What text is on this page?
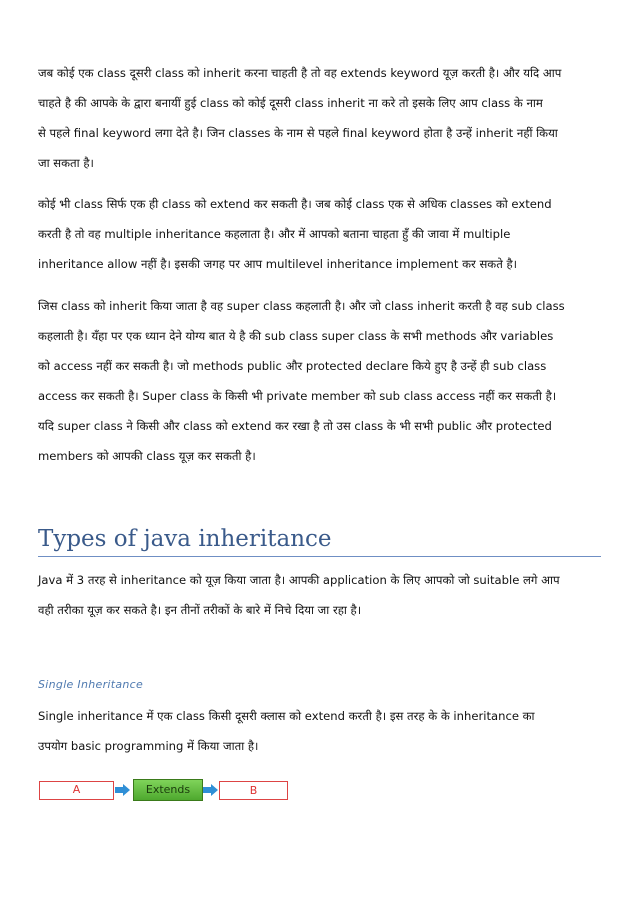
जब कोई एक class दूसरी class को inherit करना चाहती है तो वह extends keyword यूज़ करती है। और यदि आप
चाहते है की आपके के द्वारा बनायीं हुई class को कोई दूसरी class inherit ना करे तो इसके लिए आप class के नाम
से पहले final keyword लगा देते है। जिन classes के नाम से पहले final keyword होता है उन्हें inherit नहीं किया
जा सकता है।
कोई भी class सिर्फ एक ही class को extend कर सकती है। जब कोई class एक से अधिक classes को extend
करती है तो वह multiple inheritance कहलाता है। और में आपको बताना चाहता हुँ की जावा में multiple
inheritance allow नहीं है। इसकी जगह पर आप multilevel inheritance implement कर सकते है।
जिस class को inherit किया जाता है वह super class कहलाती है। और जो class inherit करती है वह sub class
कहलाती है। यँहा पर एक ध्यान देने योग्य बात ये है की sub class super class के सभी methods और variables
को access नहीं कर सकती है। जो methods public और protected declare किये हुए है उन्हें ही sub class
access कर सकती है। Super class के किसी भी private member को sub class access नहीं कर सकती है।
यदि super class ने किसी और class को extend कर रखा है तो उस class के भी सभी public और protected
members को आपकी class यूज़ कर सकती है।
Types of java inheritance
Java में 3 तरह से inheritance को यूज़ किया जाता है। आपकी application के लिए आपको जो suitable लगे आप
वही तरीका यूज़ कर सकते है। इन तीनों तरीकों के बारे में निचे दिया जा रहा है।
Single Inheritance
Single inheritance में एक class किसी दूसरी क्लास को extend करती है। इस तरह के के inheritance का
उपयोग basic programming में किया जाता है।
A	Extends	B
